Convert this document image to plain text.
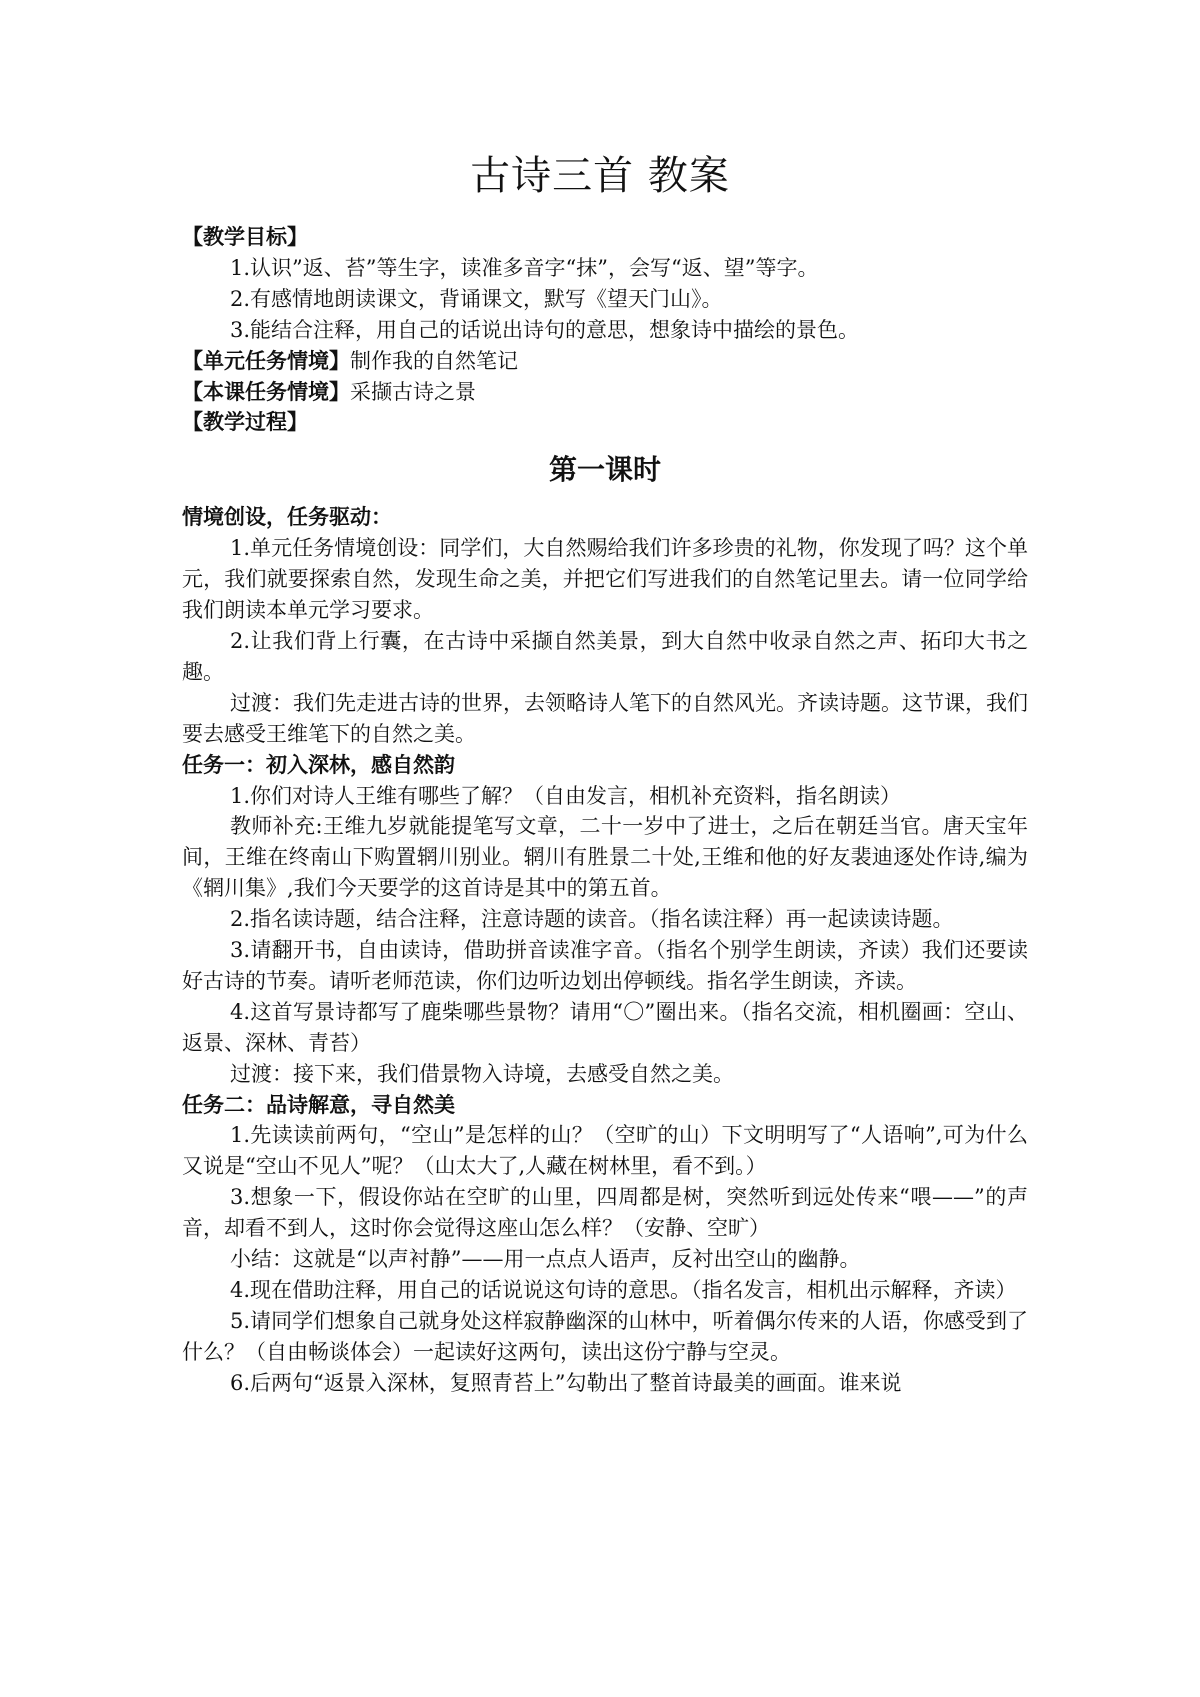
古诗三首 教案

【教学目标】

1.认识”返、苔”等生字，读准多音字“抹”，会写“返、望”等字。

2.有感情地朗读课文，背诵课文，默写《望天门山》。

3.能结合注释，用自己的话说出诗句的意思，想象诗中描绘的景色。

【单元任务情境】制作我的自然笔记

【本课任务情境】采撷古诗之景

【教学过程】

第一课时

情境创设，任务驱动：

1.单元任务情境创设：同学们，大自然赐给我们许多珍贵的礼物，你发现了吗？这个单元，我们就要探索自然，发现生命之美，并把它们写进我们的自然笔记里去。请一位同学给我们朗读本单元学习要求。

2.让我们背上行囊，在古诗中采撷自然美景，到大自然中收录自然之声、拓印大书之趣。

过渡：我们先走进古诗的世界，去领略诗人笔下的自然风光。齐读诗题。这节课，我们要去感受王维笔下的自然之美。

任务一：初入深林，感自然韵

1.你们对诗人王维有哪些了解？（自由发言，相机补充资料，指名朗读）

教师补充:王维九岁就能提笔写文章，二十一岁中了进士，之后在朝廷当官。唐天宝年间，王维在终南山下购置辋川别业。辋川有胜景二十处,王维和他的好友裴迪逐处作诗,编为《辋川集》,我们今天要学的这首诗是其中的第五首。

2.指名读诗题，结合注释，注意诗题的读音。（指名读注释）再一起读读诗题。

3.请翻开书，自由读诗，借助拼音读准字音。（指名个别学生朗读，齐读）我们还要读好古诗的节奏。请听老师范读，你们边听边划出停顿线。指名学生朗读，齐读。

4.这首写景诗都写了鹿柴哪些景物？请用“〇”圈出来。（指名交流，相机圈画：空山、返景、深林、青苔）

过渡：接下来，我们借景物入诗境，去感受自然之美。

任务二：品诗解意，寻自然美

1.先读读前两句，“空山”是怎样的山？（空旷的山）下文明明写了“人语响”,可为什么又说是“空山不见人”呢？（山太大了,人藏在树林里，看不到。）

3.想象一下，假设你站在空旷的山里，四周都是树，突然听到远处传来“喂——”的声音，却看不到人，这时你会觉得这座山怎么样？（安静、空旷）

小结：这就是“以声衬静”——用一点点人语声，反衬出空山的幽静。

4.现在借助注释，用自己的话说说这句诗的意思。（指名发言，相机出示解释，齐读）

5.请同学们想象自己就身处这样寂静幽深的山林中，听着偶尔传来的人语，你感受到了什么？（自由畅谈体会）一起读好这两句，读出这份宁静与空灵。

6.后两句“返景入深林，复照青苔上”勾勒出了整首诗最美的画面。谁来说
